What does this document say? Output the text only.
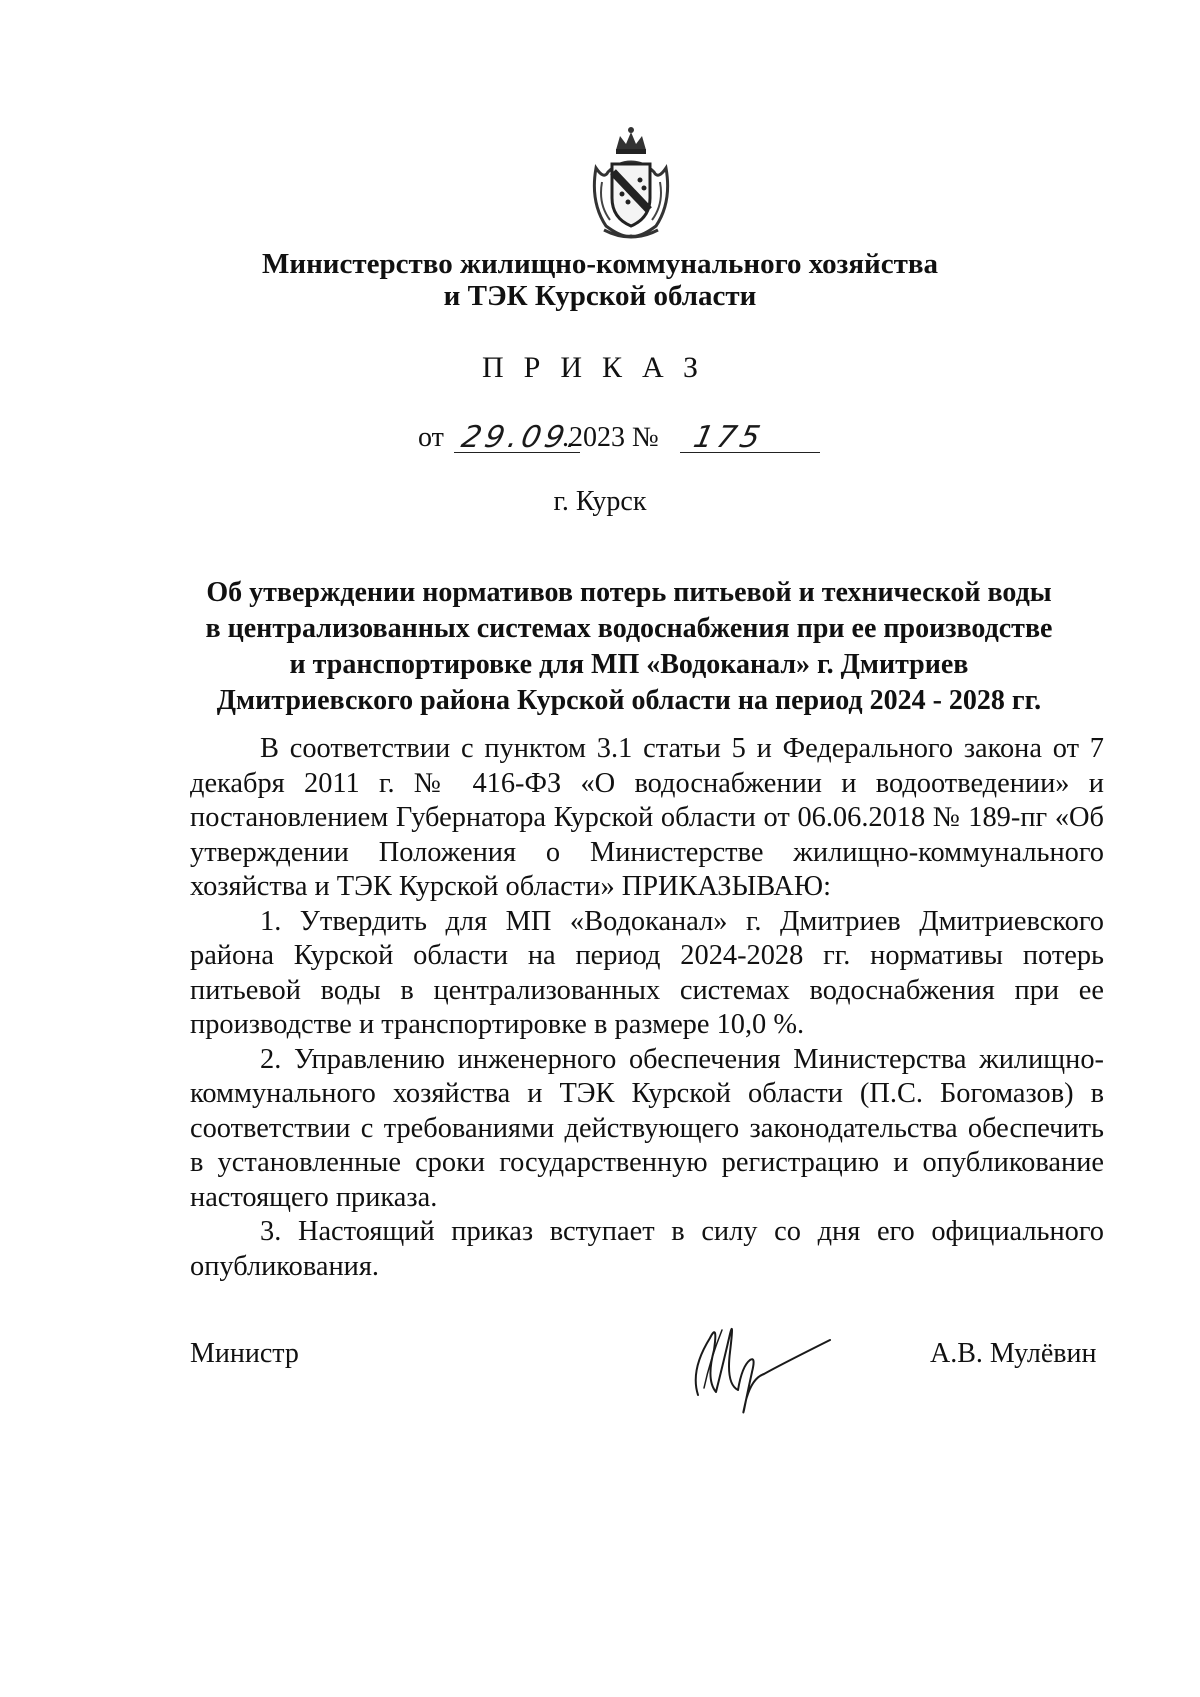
Министерство жилищно-коммунального хозяйства
и ТЭК Курской области
ПРИКАЗ
от 29.09.
.2023 № 175
г. Курск
Об утверждении нормативов потерь питьевой и технической воды в централизованных системах водоснабжения при ее производстве и транспортировке для МП «Водоканал» г. Дмитриев Дмитриевского района Курской области на период 2024 - 2028 гг.

В соответствии с пунктом 3.1 статьи 5 и Федерального закона от 7 декабря 2011 г. № 416-ФЗ «О водоснабжении и водоотведении» и постановлением Губернатора Курской области от 06.06.2018 № 189-пг «Об утверждении Положения о Министерстве жилищно-коммунального хозяйства и ТЭК Курской области» ПРИКАЗЫВАЮ:

1. Утвердить для МП «Водоканал» г. Дмитриев Дмитриевского района Курской области на период 2024-2028 гг. нормативы потерь питьевой воды в централизованных системах водоснабжения при ее производстве и транспортировке в размере 10,0 %.

2. Управлению инженерного обеспечения Министерства жилищно-коммунального хозяйства и ТЭК Курской области (П.С. Богомазов) в соответствии с требованиями действующего законодательства обеспечить в установленные сроки государственную регистрацию и опубликование настоящего приказа.

3. Настоящий приказ вступает в силу со дня его официального опубликования.

Министр	А.В. Мулёвин
